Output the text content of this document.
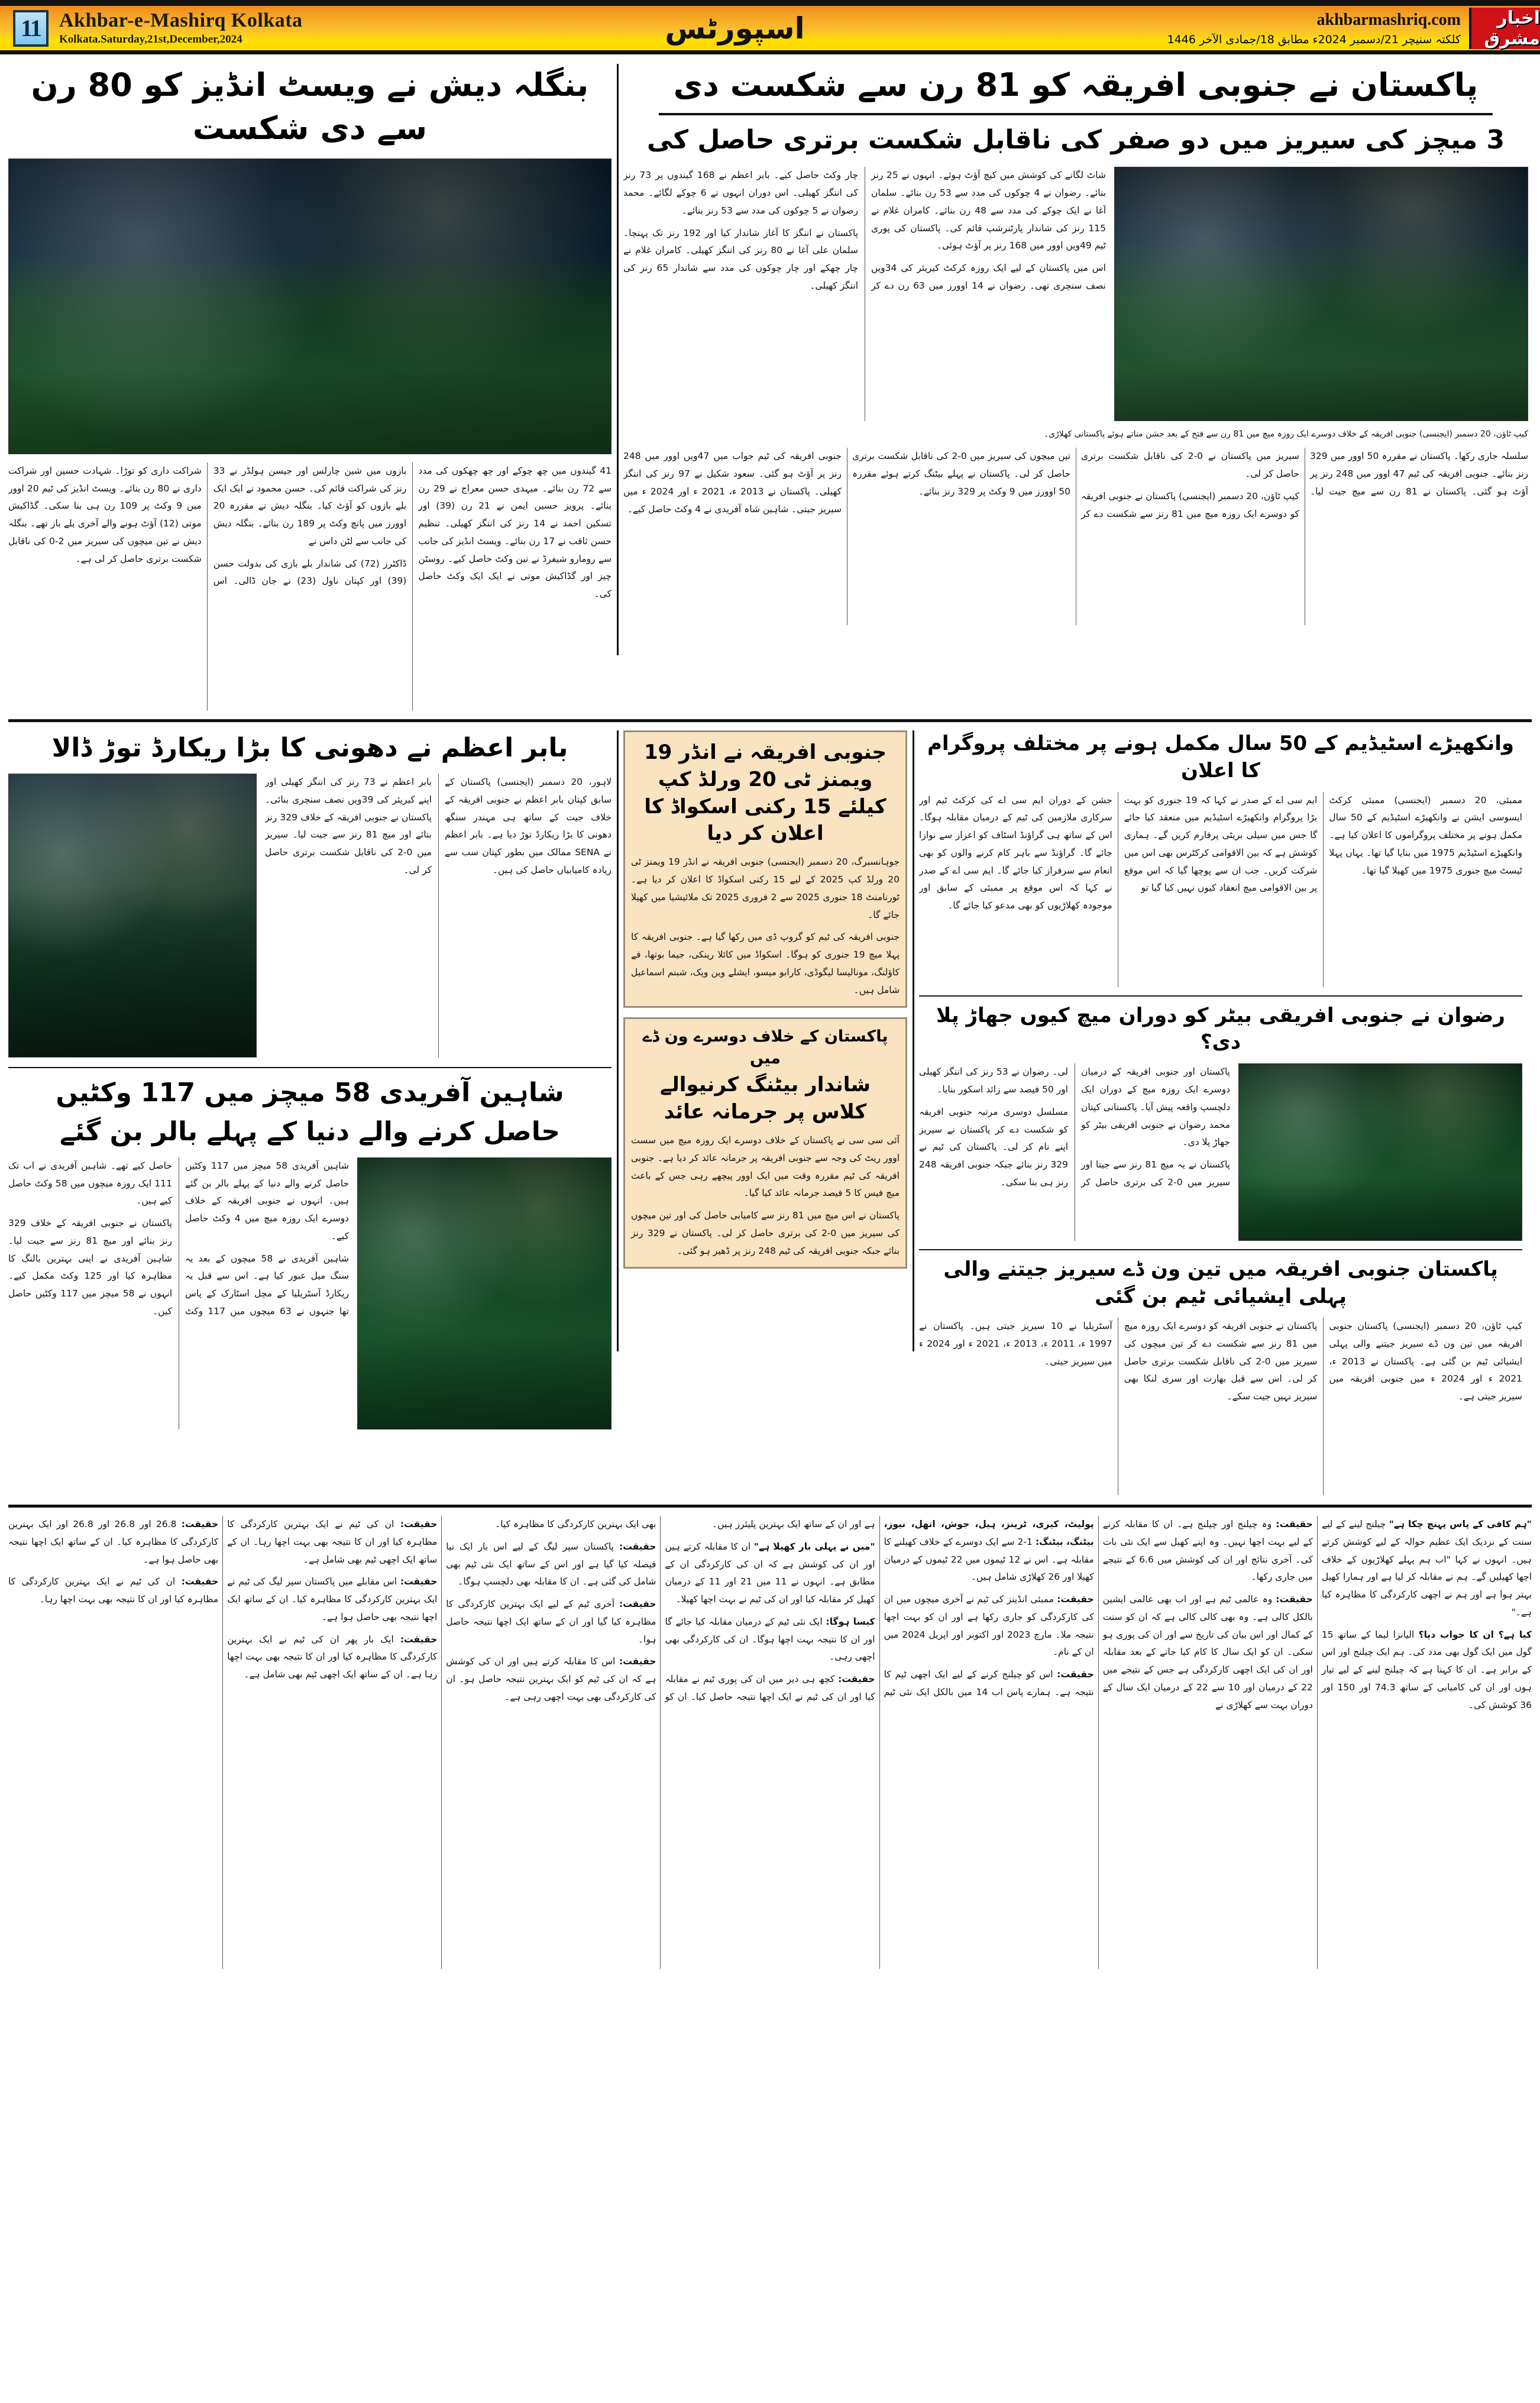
11 Akhbar-e-Mashirq Kolkata
Kolkata.Saturday,21st,December,2024	اسپورٹس	akhbarmashriq.com
کلکتہ سنیچر 21/دسمبر 2024ء مطابق 18/جمادی الآخر 1446
اخبار مشرق
بنگلہ دیش نے ویسٹ انڈیز کو 80 رن سے دی شکست

41 گیندوں میں چھ چوکے اور چھ چھکوں کی مدد سے 72 رن بنائے۔ میہدی حسن معراج نے 29 رن بنائے۔ پرویز حسین ایمن نے 21 رن (39) اور تسکین احمد نے 14 رنز کی اننگز کھیلی۔ تنظیم حسن ثاقب نے 17 رن بنائے۔ ویسٹ انڈیز کی جانب سے رومارو شیفرڈ نے تین وکٹ حاصل کیے۔ روسٹن چیز اور گڈاکیش موتی نے ایک ایک وکٹ حاصل کی۔

بازوں میں شین چارلس اور جیسن ہولڈر نے 33 رنز کی شراکت قائم کی۔ حسن محمود نے ایک ایک بلے بازوں کو آؤٹ کیا۔ بنگلہ دیش نے مقررہ 20 اوورز میں پانچ وکٹ پر 189 رن بنائے۔ بنگلہ دیش کی جانب سے لٹن داس نے

ڈاکٹرز (72) کی شاندار بلے بازی کی بدولت حسن (39) اور کپتان ناول (23) نے جان ڈالی۔ اس شراکت داری کو توڑا۔ شہادت حسین اور شراکت داری نے 80 رن بنائے۔ ویسٹ انڈیز کی ٹیم 20 اوور میں 9 وکٹ پر 109 رن ہی بنا سکی۔ گڈاکیش موتی (12) آؤٹ ہونے والے آخری بلے باز تھے۔ بنگلہ دیش نے تین میچوں کی سیریز میں 2-0 کی ناقابل شکست برتری حاصل کر لی ہے۔

پاکستان نے جنوبی افریقہ کو 81 رن سے شکست دی
3 میچز کی سیریز میں دو صفر کی ناقابل شکست برتری حاصل کی

شاٹ لگانے کی کوشش میں کیچ آؤٹ ہوئے۔ انہوں نے 25 رنز بنائے۔ رضوان نے 4 چوکوں کی مدد سے 53 رن بنائے۔ سلمان آغا نے ایک چوکے کی مدد سے 48 رن بنائے۔ کامران غلام نے 115 رنز کی شاندار پارٹنرشپ قائم کی۔ پاکستان کی پوری ٹیم 49ویں اوور میں 168 رنز پر آؤٹ ہوئی۔

اس میں پاکستان کے لیے ایک روزہ کرکٹ کیریئر کی 34ویں نصف سنچری تھی۔ رضوان نے 14 اوورز میں 63 رن دے کر چار وکٹ حاصل کیے۔ بابر اعظم نے 168 گیندوں پر 73 رنز کی اننگز کھیلی۔ اس دوران انہوں نے 6 چوکے لگائے۔ محمد رضوان نے 5 چوکوں کی مدد سے 53 رنز بنائے۔

پاکستان نے اننگز کا آغاز شاندار کیا اور 192 رنز تک پہنچا۔ سلمان علی آغا نے 80 رنز کی اننگز کھیلی۔ کامران غلام نے چار چھکے اور چار چوکوں کی مدد سے شاندار 65 رنز کی اننگز کھیلی۔

کیپ ٹاؤن، 20 دسمبر (ایجنسی) جنوبی افریقہ کے خلاف دوسرے ایک روزہ میچ میں 81 رن سے فتح کے بعد جشن مناتے ہوئے پاکستانی کھلاڑی۔

سلسلہ جاری رکھا۔ پاکستان نے مقررہ 50 اوور میں 329 رنز بنائے۔ جنوبی افریقہ کی ٹیم 47 اوور میں 248 رنز پر آؤٹ ہو گئی۔ پاکستان نے 81 رن سے میچ جیت لیا۔ سیریز میں پاکستان نے 0-2 کی ناقابل شکست برتری حاصل کر لی۔

کیپ ٹاؤن، 20 دسمبر (ایجنسی) پاکستان نے جنوبی افریقہ کو دوسرے ایک روزہ میچ میں 81 رنز سے شکست دے کر تین میچوں کی سیریز میں 0-2 کی ناقابل شکست برتری حاصل کر لی۔ پاکستان نے پہلے بیٹنگ کرتے ہوئے مقررہ 50 اوورز میں 9 وکٹ پر 329 رنز بنائے۔

جنوبی افریقہ کی ٹیم جواب میں 47ویں اوور میں 248 رنز پر آؤٹ ہو گئی۔ سعود شکیل نے 97 رنز کی اننگز کھیلی۔ پاکستان نے 2013 ء، 2021 ء اور 2024 ء میں سیریز جیتی۔ شاہین شاہ آفریدی نے 4 وکٹ حاصل کیے۔

بابر اعظم نے دھونی کا بڑا ریکارڈ توڑ ڈالا

لاہور، 20 دسمبر (ایجنسی) پاکستان کے سابق کپتان بابر اعظم نے جنوبی افریقہ کے خلاف جیت کے ساتھ ہی مہندر سنگھ دھونی کا بڑا ریکارڈ توڑ دیا ہے۔ بابر اعظم نے SENA ممالک میں بطور کپتان سب سے زیادہ کامیابیاں حاصل کی ہیں۔

بابر اعظم نے 73 رنز کی اننگز کھیلی اور اپنے کیریئر کی 39ویں نصف سنچری بنائی۔ پاکستان نے جنوبی افریقہ کے خلاف 329 رنز بنائے اور میچ 81 رنز سے جیت لیا۔ سیریز میں 0-2 کی ناقابل شکست برتری حاصل کر لی۔

شاہین آفریدی 58 میچز میں 117 وکٹیں
حاصل کرنے والے دنیا کے پہلے بالر بن گئے

شاہین آفریدی 58 میچز میں 117 وکٹیں حاصل کرنے والے دنیا کے پہلے بالر بن گئے ہیں۔ انہوں نے جنوبی افریقہ کے خلاف دوسرے ایک روزہ میچ میں 4 وکٹ حاصل کیے۔

شاہین آفریدی نے 58 میچوں کے بعد یہ سنگ میل عبور کیا ہے۔ اس سے قبل یہ ریکارڈ آسٹریلیا کے مچل اسٹارک کے پاس تھا جنہوں نے 63 میچوں میں 117 وکٹ حاصل کیے تھے۔ شاہین آفریدی نے اب تک 111 ایک روزہ میچوں میں 58 وکٹ حاصل کیے ہیں۔

پاکستان نے جنوبی افریقہ کے خلاف 329 رنز بنائے اور میچ 81 رنز سے جیت لیا۔ شاہین آفریدی نے اپنی بہترین بالنگ کا مظاہرہ کیا اور 125 وکٹ مکمل کیے۔ انہوں نے 58 میچز میں 117 وکٹیں حاصل کیں۔

جنوبی افریقہ نے انڈر 19 ویمنز ٹی 20 ورلڈ کپ کیلئے 15 رکنی اسکواڈ کا اعلان کر دیا

جوہانسبرگ، 20 دسمبر (ایجنسی) جنوبی افریقہ نے انڈر 19 ویمنز ٹی 20 ورلڈ کپ 2025 کے لیے 15 رکنی اسکواڈ کا اعلان کر دیا ہے۔ ٹورنامنٹ 18 جنوری 2025 سے 2 فروری 2025 تک ملائیشیا میں کھیلا جائے گا۔

جنوبی افریقہ کی ٹیم کو گروپ ڈی میں رکھا گیا ہے۔ جنوبی افریقہ کا پہلا میچ 19 جنوری کو ہوگا۔ اسکواڈ میں کائلا رینکی، جیما بوتھا، فے کاؤلنگ، مونالیسا لیگوڈی، کارابو میسو، ایشلے وین ویک، شبنم اسماعیل شامل ہیں۔

پاکستان کے خلاف دوسرے ون ڈے میں
شاندار بیٹنگ کرنیوالے کلاس پر جرمانہ عائد

آئی سی سی نے پاکستان کے خلاف دوسرے ایک روزہ میچ میں سست اوور ریٹ کی وجہ سے جنوبی افریقہ پر جرمانہ عائد کر دیا ہے۔ جنوبی افریقہ کی ٹیم مقررہ وقت میں ایک اوور پیچھے رہی جس کے باعث میچ فیس کا 5 فیصد جرمانہ عائد کیا گیا۔

پاکستان نے اس میچ میں 81 رنز سے کامیابی حاصل کی اور تین میچوں کی سیریز میں 0-2 کی برتری حاصل کر لی۔ پاکستان نے 329 رنز بنائے جبکہ جنوبی افریقہ کی ٹیم 248 رنز پر ڈھیر ہو گئی۔

وانکھیڑے اسٹیڈیم کے 50 سال مکمل ہونے پر مختلف پروگرام کا اعلان

ممبئی، 20 دسمبر (ایجنسی) ممبئی کرکٹ ایسوسی ایشن نے وانکھیڑے اسٹیڈیم کے 50 سال مکمل ہونے پر مختلف پروگراموں کا اعلان کیا ہے۔ وانکھیڑے اسٹیڈیم 1975 میں بنایا گیا تھا۔ یہاں پہلا ٹیسٹ میچ جنوری 1975 میں کھیلا گیا تھا۔

ایم سی اے کے صدر نے کہا کہ 19 جنوری کو بہت بڑا پروگرام وانکھیڑے اسٹیڈیم میں منعقد کیا جائے گا جس میں سیلی بریٹی پرفارم کریں گے۔ ہماری کوشش ہے کہ بین الاقوامی کرکٹرس بھی اس میں شرکت کریں۔ جب ان سے پوچھا گیا کہ اس موقع پر بین الاقوامی میچ انعقاد کیوں نہیں کیا گیا تو

جشن کے دوران ایم سی اے کی کرکٹ ٹیم اور سرکاری ملازمین کی ٹیم کے درمیان مقابلہ ہوگا۔ اس کے ساتھ ہی گراؤنڈ اسٹاف کو اعزاز سے نوازا جائے گا۔ گراؤنڈ سے باہر کام کرنے والوں کو بھی انعام سے سرفراز کیا جائے گا۔ ایم سی اے کے صدر نے کہا کہ اس موقع پر ممبئی کے سابق اور موجودہ کھلاڑیوں کو بھی مدعو کیا جائے گا۔

رضوان نے جنوبی افریقی بیٹر کو دوران میچ کیوں جھاڑ پلا دی؟

پاکستان اور جنوبی افریقہ کے درمیان دوسرے ایک روزہ میچ کے دوران ایک دلچسپ واقعہ پیش آیا۔ پاکستانی کپتان محمد رضوان نے جنوبی افریقی بیٹر کو جھاڑ پلا دی۔

پاکستان نے یہ میچ 81 رنز سے جیتا اور سیریز میں 0-2 کی برتری حاصل کر لی۔ رضوان نے 53 رنز کی اننگز کھیلی اور 50 فیصد سے زائد اسکور بنایا۔

مسلسل دوسری مرتبہ جنوبی افریقہ کو شکست دے کر پاکستان نے سیریز اپنے نام کر لی۔ پاکستان کی ٹیم نے 329 رنز بنائے جبکہ جنوبی افریقہ 248 رنز ہی بنا سکی۔

پاکستان جنوبی افریقہ میں تین ون ڈے سیریز جیتنے والی پہلی ایشیائی ٹیم بن گئی

کیپ ٹاؤن، 20 دسمبر (ایجنسی) پاکستان جنوبی افریقہ میں تین ون ڈے سیریز جیتنے والی پہلی ایشیائی ٹیم بن گئی ہے۔ پاکستان نے 2013 ء، 2021 ء اور 2024 ء میں جنوبی افریقہ میں سیریز جیتی ہے۔

پاکستان نے جنوبی افریقہ کو دوسرے ایک روزہ میچ میں 81 رنز سے شکست دے کر تین میچوں کی سیریز میں 0-2 کی ناقابل شکست برتری حاصل کر لی۔ اس سے قبل بھارت اور سری لنکا بھی سیریز نہیں جیت سکے۔

آسٹریلیا نے 10 سیریز جیتی ہیں۔ پاکستان نے 1997 ء، 2011 ء، 2013 ء، 2021 ء اور 2024 ء میں سیریز جیتی۔

"ہم کافی کے پاس پہنچ چکا ہے" چیلنج لینے کے لیے سنت کے نزدیک ایک عظیم حوالہ کے لیے کوشش کرتے ہیں۔ انہوں نے کہا "اب ہم پہلے کھلاڑیوں کے خلاف اچھا کھیلیں گے۔ ہم نے مقابلہ کر لیا ہے اور ہمارا کھیل بہتر ہوا ہے اور ہم نے اچھی کارکردگی کا مظاہرہ کیا ہے۔"
کیا ہے؟ ان کا جواب دیا؟ الیانزا لیما کے ساتھ 15 گول میں ایک گول بھی مدد کی۔ ہم ایک چیلنج اور اس کے برابر ہے۔ ان کا کہنا ہے کہ چیلنج لینے کے لیے تیار ہوں اور ان کی کامیابی کے ساتھ 74.3 اور 150 اور 36 کوشش کی۔
حقیقت: وہ چیلنج اور چیلنج ہے۔ ان کا مقابلہ کرنے کے لیے بہت اچھا نہیں۔ وہ اپنے کھیل سے ایک نئی بات کی۔ آخری نتائج اور ان کی کوشش میں 6.6 کے نتیجے میں جاری رکھا۔
حقیقت: وہ عالمی ٹیم ہے اور اب بھی عالمی ایشین بالکل کالی ہے۔ وہ بھی کالی کالی ہے کہ ان کو سنت کے کمال اور اس بیان کی تاریخ سے اور ان کی پوری ہو سکی۔ ان کو ایک سال کا کام کیا جانے کے بعد مقابلہ اور ان کی ایک اچھی کارکردگی ہے جس کے نتیجے میں 22 کے درمیان اور 10 سے 22 کے درمیان ایک سال کے دوران بہت سے کھلاڑی نے
پولیٹ، کیری، ٹرینز، ہیل، جوش، اتھل، نیوز، بیٹنگ، بیٹنگ: 1-2 سے ایک دوسرے کے خلاف کھیلنے کا مقابلہ ہے۔ اس نے 12 ٹیموں میں 22 ٹیموں کے درمیان کھیلا اور 26 کھلاڑی شامل ہیں۔
حقیقت: ممبئی انڈینز کی ٹیم نے آخری میچوں میں ان کی کارکردگی کو جاری رکھا ہے اور ان کو بہت اچھا نتیجہ ملا۔ مارچ 2023 اور اکتوبر اور اپریل 2024 میں ان کے نام۔
حقیقت: اس کو چیلنج کرنے کے لیے ایک اچھی ٹیم کا نتیجہ ہے۔ ہمارے پاس اب 14 میں بالکل ایک نئی ٹیم ہے اور ان کے ساتھ ایک بہترین پلیئرز ہیں۔
"میں نے پہلی بار کھیلا ہے" ان کا مقابلہ کرتے ہیں اور ان کی کوشش ہے کہ ان کی کارکردگی ان کے مطابق ہے۔ انہوں نے 11 میں 21 اور 11 کے درمیان کھیل کر مقابلہ کیا اور ان کی ٹیم نے بہت اچھا کھیلا۔
کیسا ہوگا: ایک نئی ٹیم کے درمیان مقابلہ کیا جائے گا اور ان کا نتیجہ بہت اچھا ہوگا۔ ان کی کارکردگی بھی اچھی رہی۔
حقیقت: کچھ ہی دیر میں ان کی پوری ٹیم نے مقابلہ کیا اور ان کی ٹیم نے ایک اچھا نتیجہ حاصل کیا۔ ان کو بھی ایک بہترین کارکردگی کا مظاہرہ کیا۔
حقیقت: پاکستان سپر لیگ کے لیے اس بار ایک نیا فیصلہ کیا گیا ہے اور اس کے ساتھ ایک نئی ٹیم بھی شامل کی گئی ہے۔ ان کا مقابلہ بھی دلچسپ ہوگا۔
حقیقت: آخری ٹیم کے لیے ایک بہترین کارکردگی کا مظاہرہ کیا گیا اور ان کے ساتھ ایک اچھا نتیجہ حاصل ہوا۔
حقیقت: اس کا مقابلہ کرتے ہیں اور ان کی کوشش ہے کہ ان کی ٹیم کو ایک بہترین نتیجہ حاصل ہو۔ ان کی کارکردگی بھی بہت اچھی رہی ہے۔
حقیقت: ان کی ٹیم نے ایک بہترین کارکردگی کا مظاہرہ کیا اور ان کا نتیجہ بھی بہت اچھا رہا۔ ان کے ساتھ ایک اچھی ٹیم بھی شامل ہے۔
حقیقت: اس مقابلے میں پاکستان سپر لیگ کی ٹیم نے ایک بہترین کارکردگی کا مظاہرہ کیا۔ ان کے ساتھ ایک اچھا نتیجہ بھی حاصل ہوا ہے۔
حقیقت: ایک بار پھر ان کی ٹیم نے ایک بہترین کارکردگی کا مظاہرہ کیا اور ان کا نتیجہ بھی بہت اچھا رہا ہے۔ ان کے ساتھ ایک اچھی ٹیم بھی شامل ہے۔
حقیقت: 26.8 اور 26.8 اور 26.8 اور ایک بہترین کارکردگی کا مظاہرہ کیا۔ ان کے ساتھ ایک اچھا نتیجہ بھی حاصل ہوا ہے۔
حقیقت: ان کی ٹیم نے ایک بہترین کارکردگی کا مظاہرہ کیا اور ان کا نتیجہ بھی بہت اچھا رہا۔
